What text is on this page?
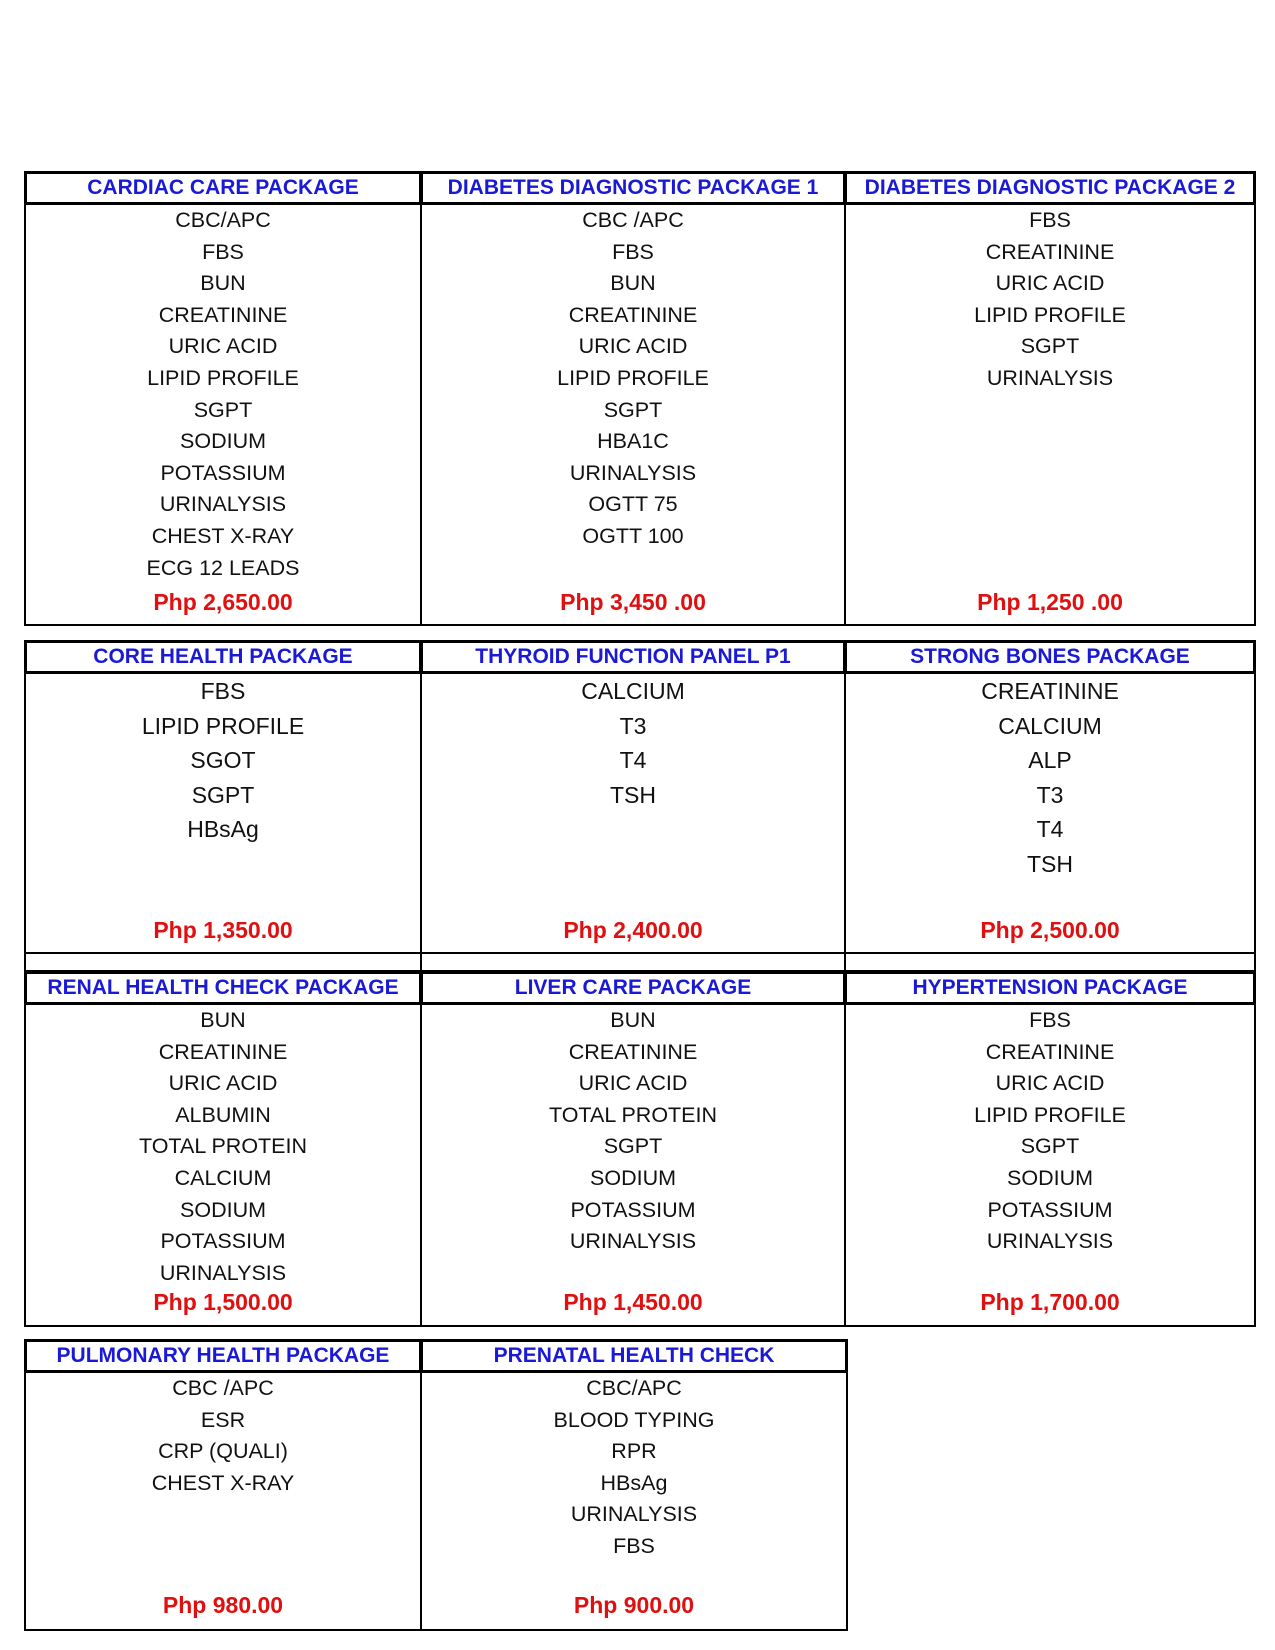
CARDIAC CARE PACKAGE
CBC/APC
FBS
BUN
CREATININE
URIC ACID
LIPID PROFILE
SGPT
SODIUM
POTASSIUM
URINALYSIS
CHEST X-RAY
ECG 12 LEADS
Php 2,650.00
DIABETES DIAGNOSTIC PACKAGE 1
CBC /APC
FBS
BUN
CREATININE
URIC ACID
LIPID PROFILE
SGPT
HBA1C
URINALYSIS
OGTT 75
OGTT 100
Php 3,450 .00
DIABETES DIAGNOSTIC PACKAGE 2
FBS
CREATININE
URIC ACID
LIPID PROFILE
SGPT
URINALYSIS
Php 1,250 .00
CORE HEALTH PACKAGE
FBS
LIPID PROFILE
SGOT
SGPT
HBsAg
Php 1,350.00
THYROID FUNCTION PANEL P1
CALCIUM
T3
T4
TSH
Php 2,400.00
STRONG BONES PACKAGE
CREATININE
CALCIUM
ALP
T3
T4
TSH
Php 2,500.00
RENAL HEALTH CHECK PACKAGE
BUN
CREATININE
URIC ACID
ALBUMIN
TOTAL PROTEIN
CALCIUM
SODIUM
POTASSIUM
URINALYSIS
Php 1,500.00
LIVER CARE PACKAGE
BUN
CREATININE
URIC ACID
TOTAL PROTEIN
SGPT
SODIUM
POTASSIUM
URINALYSIS
Php 1,450.00
HYPERTENSION PACKAGE
FBS
CREATININE
URIC ACID
LIPID PROFILE
SGPT
SODIUM
POTASSIUM
URINALYSIS
Php 1,700.00
PULMONARY HEALTH PACKAGE
CBC /APC
ESR
CRP (QUALI)
CHEST X-RAY
Php 980.00
PRENATAL HEALTH CHECK
CBC/APC
BLOOD TYPING
RPR
HBsAg
URINALYSIS
FBS
Php 900.00
